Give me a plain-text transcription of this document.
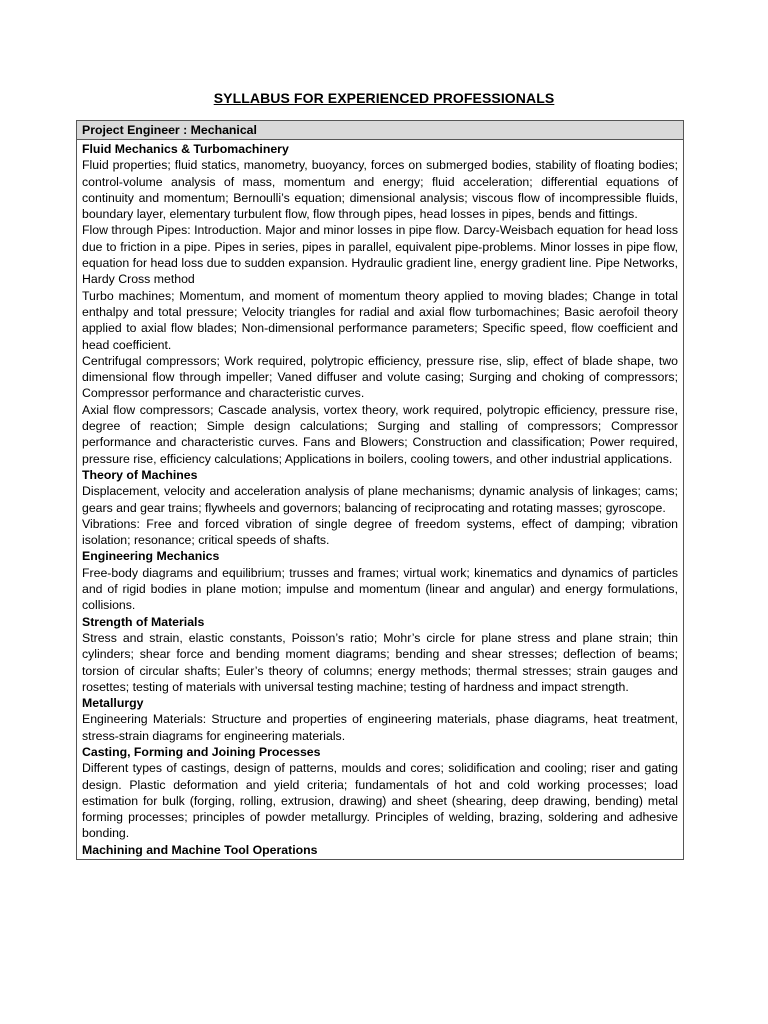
SYLLABUS FOR EXPERIENCED PROFESSIONALS
Project Engineer : Mechanical
Fluid Mechanics & Turbomachinery
Fluid properties; fluid statics, manometry, buoyancy, forces on submerged bodies, stability of floating bodies; control-volume analysis of mass, momentum and energy; fluid acceleration; differential equations of continuity and momentum; Bernoulli’s equation; dimensional analysis; viscous flow of incompressible fluids, boundary layer, elementary turbulent flow, flow through pipes, head losses in pipes, bends and fittings.
Flow through Pipes: Introduction. Major and minor losses in pipe flow. Darcy-Weisbach equation for head loss due to friction in a pipe. Pipes in series, pipes in parallel, equivalent pipe-problems. Minor losses in pipe flow, equation for head loss due to sudden expansion. Hydraulic gradient line, energy gradient line. Pipe Networks, Hardy Cross method
Turbo machines; Momentum, and moment of momentum theory applied to moving blades; Change in total enthalpy and total pressure; Velocity triangles for radial and axial flow turbomachines; Basic aerofoil theory applied to axial flow blades; Non-dimensional performance parameters; Specific speed, flow coefficient and head coefficient.
Centrifugal compressors; Work required, polytropic efficiency, pressure rise, slip, effect of blade shape, two dimensional flow through impeller; Vaned diffuser and volute casing; Surging and choking of compressors; Compressor performance and characteristic curves.
Axial flow compressors; Cascade analysis, vortex theory, work required, polytropic efficiency, pressure rise, degree of reaction; Simple design calculations; Surging and stalling of compressors; Compressor performance and characteristic curves. Fans and Blowers; Construction and classification; Power required, pressure rise, efficiency calculations; Applications in boilers, cooling towers, and other industrial applications.
Theory of Machines
Displacement, velocity and acceleration analysis of plane mechanisms; dynamic analysis of linkages; cams; gears and gear trains; flywheels and governors; balancing of reciprocating and rotating masses; gyroscope.
Vibrations: Free and forced vibration of single degree of freedom systems, effect of damping; vibration isolation; resonance; critical speeds of shafts.
Engineering Mechanics
Free-body diagrams and equilibrium; trusses and frames; virtual work; kinematics and dynamics of particles and of rigid bodies in plane motion; impulse and momentum (linear and angular) and energy formulations, collisions.
Strength of Materials
Stress and strain, elastic constants, Poisson’s ratio; Mohr’s circle for plane stress and plane strain; thin cylinders; shear force and bending moment diagrams; bending and shear stresses; deflection of beams; torsion of circular shafts; Euler’s theory of columns; energy methods; thermal stresses; strain gauges and rosettes; testing of materials with universal testing machine; testing of hardness and impact strength.
Metallurgy
Engineering Materials: Structure and properties of engineering materials, phase diagrams, heat treatment, stress-strain diagrams for engineering materials.
Casting, Forming and Joining Processes
Different types of castings, design of patterns, moulds and cores; solidification and cooling; riser and gating design. Plastic deformation and yield criteria; fundamentals of hot and cold working processes; load estimation for bulk (forging, rolling, extrusion, drawing) and sheet (shearing, deep drawing, bending) metal forming processes; principles of powder metallurgy. Principles of welding, brazing, soldering and adhesive bonding.
Machining and Machine Tool Operations
